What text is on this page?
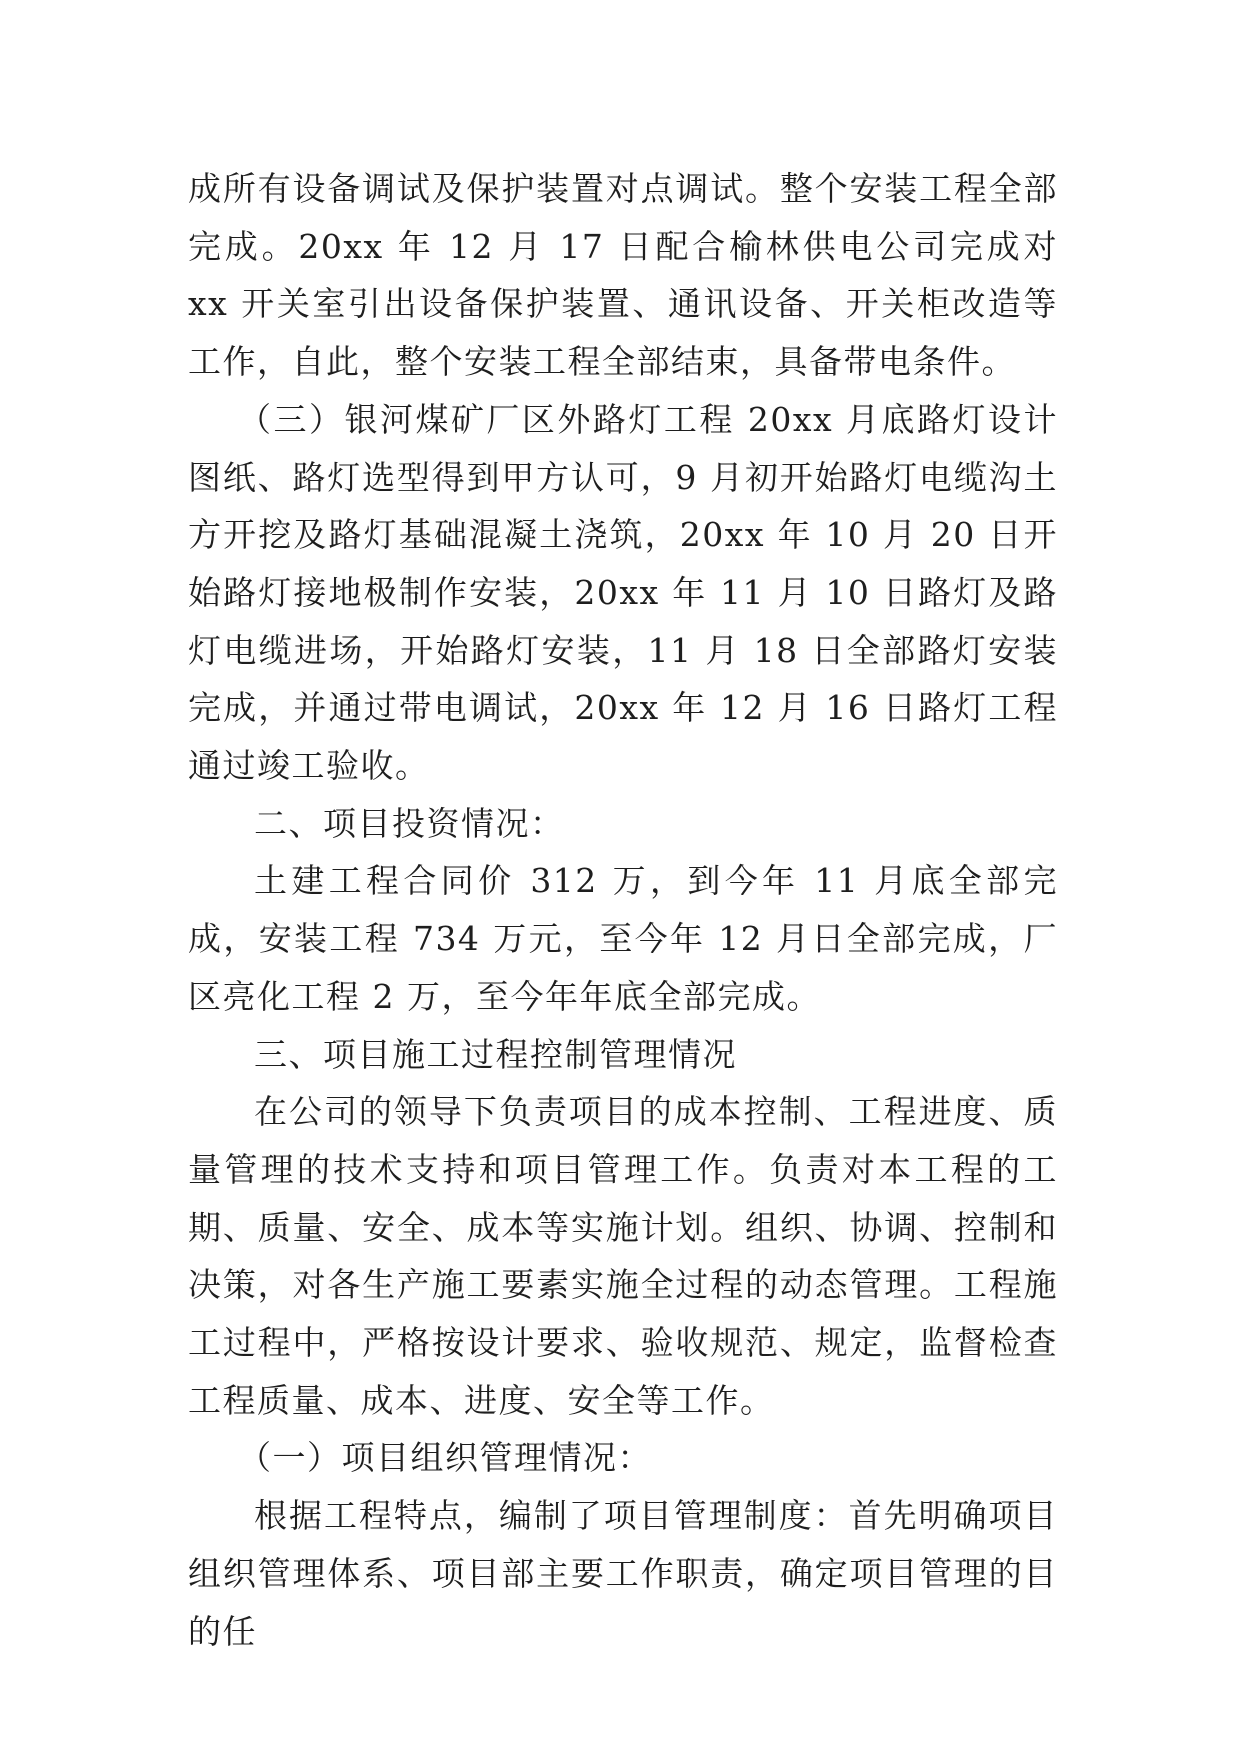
成所有设备调试及保护装置对点调试。整个安装工程全部完成。20xx 年 12 月 17 日配合榆林供电公司完成对 xx 开关室引出设备保护装置、通讯设备、开关柜改造等工作，自此，整个安装工程全部结束，具备带电条件。

（三）银河煤矿厂区外路灯工程 20xx 月底路灯设计图纸、路灯选型得到甲方认可，9 月初开始路灯电缆沟土方开挖及路灯基础混凝土浇筑，20xx 年 10 月 20 日开始路灯接地极制作安装，20xx 年 11 月 10 日路灯及路灯电缆进场，开始路灯安装，11 月 18 日全部路灯安装完成，并通过带电调试，20xx 年 12 月 16 日路灯工程通过竣工验收。

二、项目投资情况：

土建工程合同价 312 万，到今年 11 月底全部完成，安装工程 734 万元，至今年 12 月日全部完成，厂区亮化工程 2 万，至今年年底全部完成。

三、项目施工过程控制管理情况

在公司的领导下负责项目的成本控制、工程进度、质量管理的技术支持和项目管理工作。负责对本工程的工期、质量、安全、成本等实施计划。组织、协调、控制和决策，对各生产施工要素实施全过程的动态管理。工程施工过程中，严格按设计要求、验收规范、规定，监督检查工程质量、成本、进度、安全等工作。

（一）项目组织管理情况：

根据工程特点，编制了项目管理制度：首先明确项目组织管理体系、项目部主要工作职责，确定项目管理的目的任
